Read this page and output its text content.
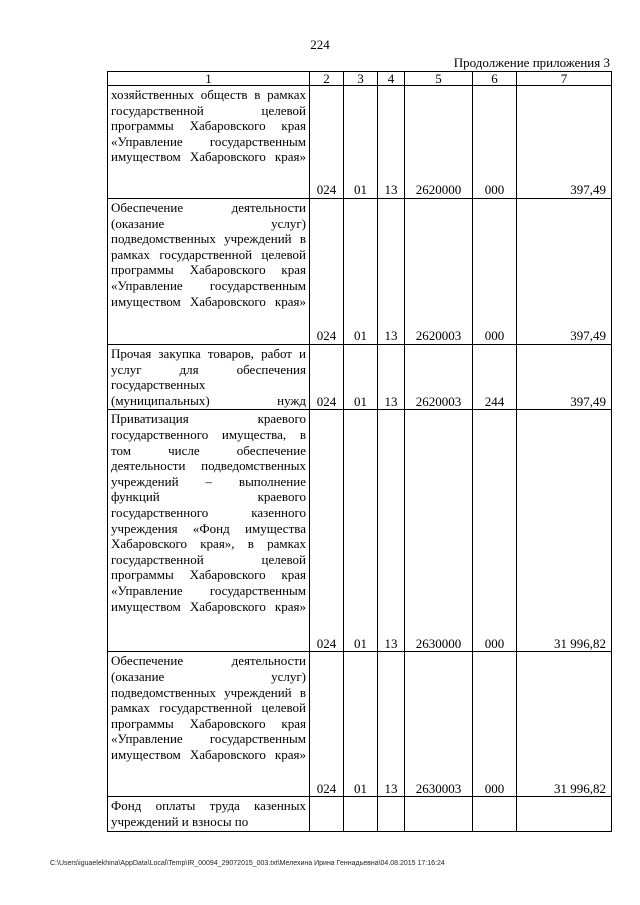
224
Продолжение приложения 3
1	2	3	4	5	6	7
хозяйственных обществ в рамках государственной целевой программы Хабаровского края «Управление государственным имуществом Хабаровского края»	024	01	13	2620000	000	397,49
Обеспечение деятельности (оказание услуг) подведомственных учреждений в рамках государственной целевой программы Хабаровского края «Управление государственным имуществом Хабаровского края»	024	01	13	2620003	000	397,49
Прочая закупка товаров, работ и услуг для обеспечения государственных (муниципальных) нужд	024	01	13	2620003	244	397,49
Приватизация краевого государственного имущества, в том числе обеспечение деятельности подведомственных учреждений – выполнение функций краевого государственного казенного учреждения «Фонд имущества Хабаровского края», в рамках государственной целевой программы Хабаровского края «Управление государственным имуществом Хабаровского края»	024	01	13	2630000	000	31 996,82
Обеспечение деятельности (оказание услуг) подведомственных учреждений в рамках государственной целевой программы Хабаровского края «Управление государственным имуществом Хабаровского края»	024	01	13	2630003	000	31 996,82
Фонд оплаты труда казенных учреждений и взносы по						
C:\Users\iguaelekhina\AppData\Local\Temp\IR_00094_29072015_003.txt\Мелехина Ирина Геннадьевна\04.08.2015 17:16:24
